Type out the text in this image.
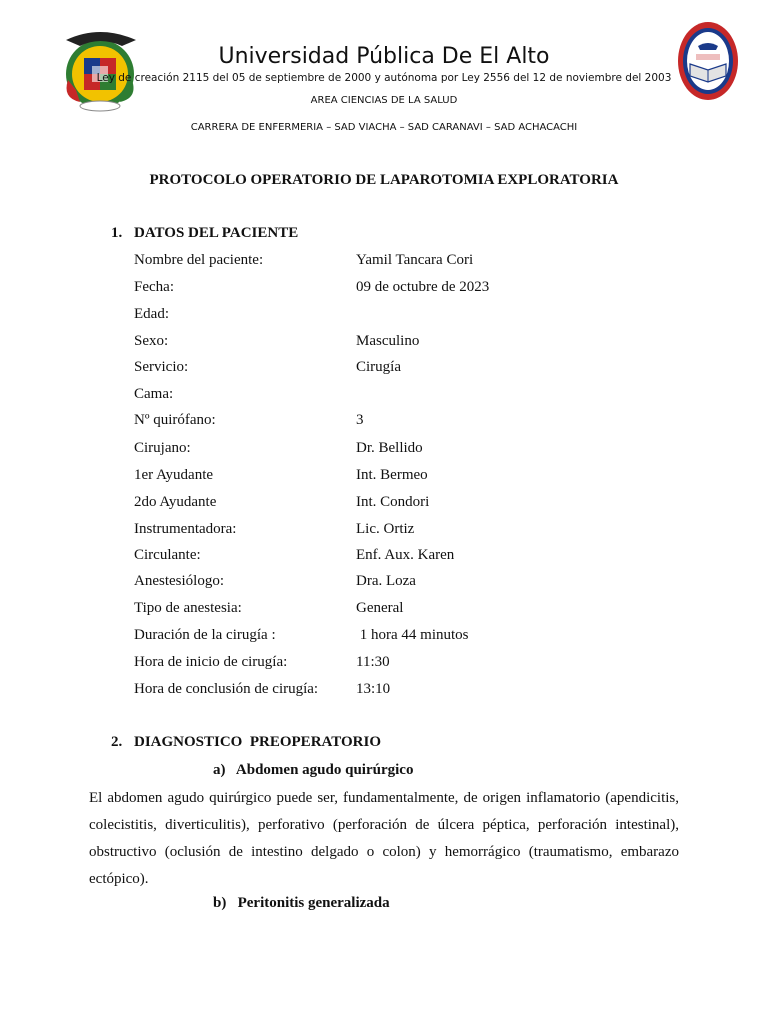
Universidad Pública De El Alto
Ley de creación 2115 del 05 de septiembre de 2000 y autónoma por Ley 2556 del 12 de noviembre del 2003
AREA CIENCIAS DE LA SALUD
CARRERA DE ENFERMERIA – SAD VIACHA – SAD CARANAVI – SAD ACHACACHI
PROTOCOLO OPERATORIO DE LAPAROTOMIA EXPLORATORIA
1. DATOS DEL PACIENTE
Nombre del paciente:	Yamil Tancara Cori
Fecha:	09 de octubre de 2023
Edad:
Sexo:	Masculino
Servicio:	Cirugía
Cama:
Nº quirófano:	3
Cirujano:	Dr. Bellido
1er Ayudante	Int. Bermeo
2do Ayudante	Int. Condori
Instrumentadora:	Lic. Ortiz
Circulante:	Enf. Aux. Karen
Anestesiólogo:	Dra. Loza
Tipo de anestesia:	General
Duración de la cirugía :	1 hora 44 minutos
Hora de inicio de cirugía:	11:30
Hora de conclusión de cirugía:	13:10
2. DIAGNOSTICO  PREOPERATORIO
a)   Abdomen agudo quirúrgico
El abdomen agudo quirúrgico puede ser, fundamentalmente, de origen inflamatorio (apendicitis, colecistitis, diverticulitis), perforativo (perforación de úlcera péptica, perforación intestinal), obstructivo (oclusión de intestino delgado o colon) y hemorrágico (traumatismo, embarazo ectópico).
b)   Peritonitis generalizada
